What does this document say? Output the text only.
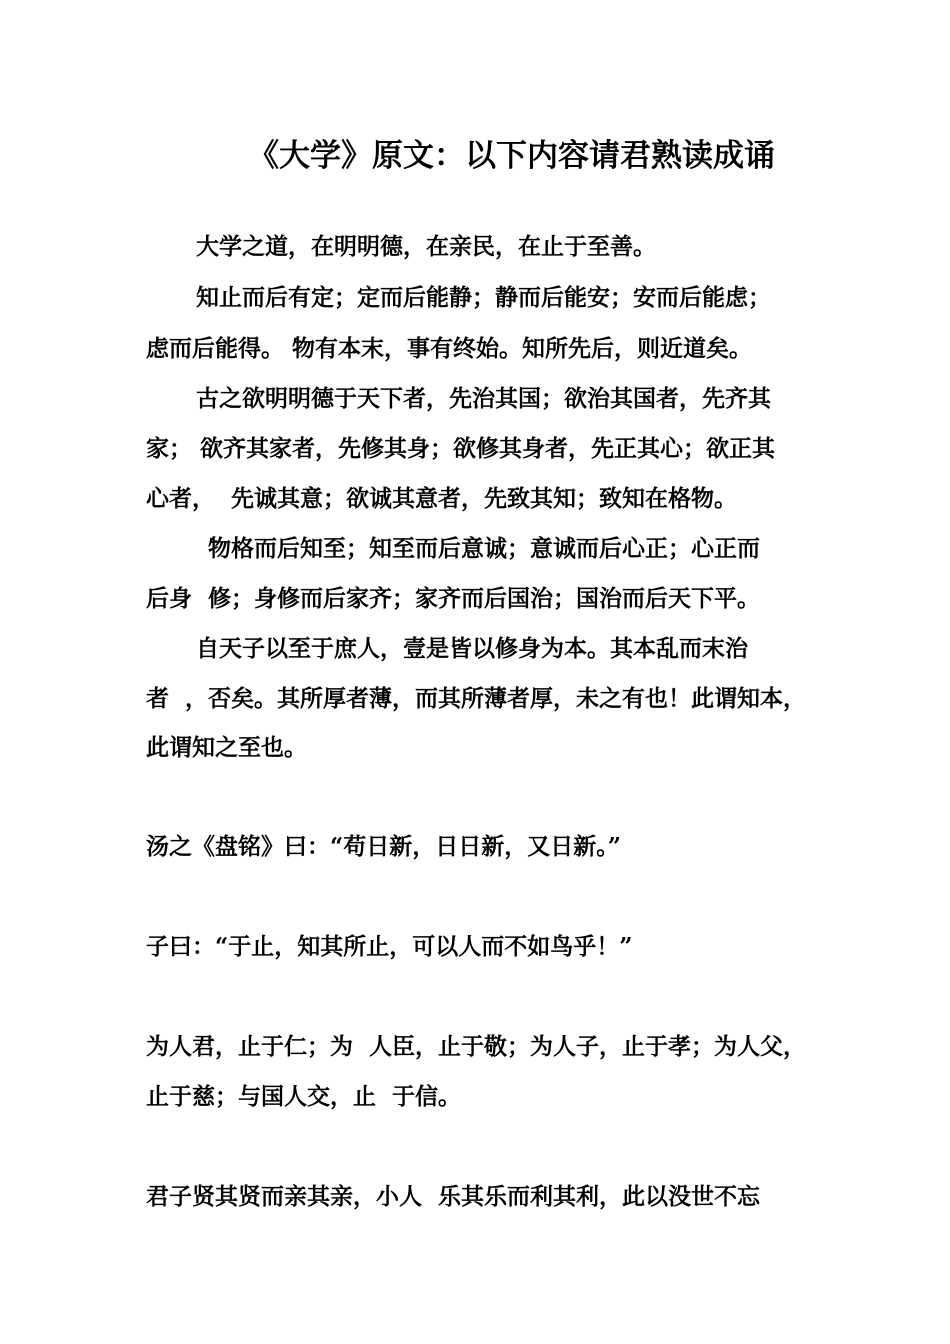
《大学》原文：以下内容请君熟读成诵
大学之道，在明明德，在亲民，在止于至善。
知止而后有定；定而后能静；静而后能安；安而后能虑；
虑而后能得。 物有本末，事有终始。知所先后，则近道矣。
古之欲明明德于天下者，先治其国；欲治其国者，先齐其
家； 欲齐其家者，先修其身；欲修其身者，先正其心；欲正其
心者，  先诚其意；欲诚其意者，先致其知；致知在格物。
物格而后知至；知至而后意诚；意诚而后心正；心正而
后身  修；身修而后家齐；家齐而后国治；国治而后天下平。
自天子以至于庶人，壹是皆以修身为本。其本乱而末治
者  ，否矣。其所厚者薄，而其所薄者厚，未之有也！此谓知本，
此谓知之至也。
汤之《盘铭》曰：“苟日新，日日新，又日新。”
子曰：“于止，知其所止，可以人而不如鸟乎！”
为人君，止于仁；为  人臣，止于敬；为人子，止于孝；为人父，
止于慈；与国人交，止  于信。
君子贤其贤而亲其亲，小人  乐其乐而利其利，此以没世不忘
